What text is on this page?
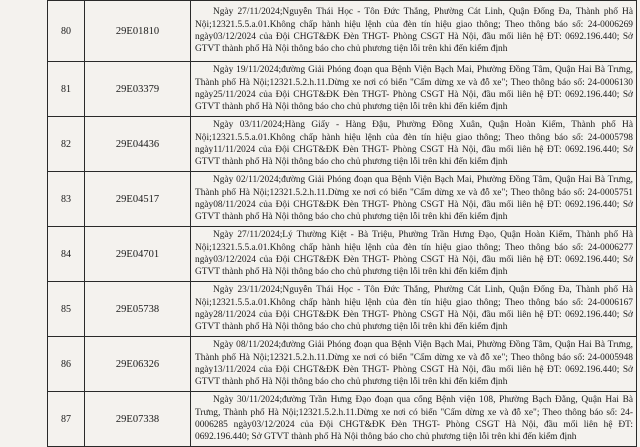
80	29E01810	Ngày 27/11/2024;Nguyễn Thái Học - Tôn Đức Thắng, Phường Cát Linh, Quận Đống Đa, Thành phố Hà Nội;12321.5.5.a.01.Không chấp hành hiệu lệnh của đèn tín hiệu giao thông; Theo thông báo số: 24-0006269 ngày03/12/2024 của Đội CHGT&ĐK Đèn THGT- Phòng CSGT Hà Nội, đầu mối liên hệ ĐT: 0692.196.440; Sở GTVT thành phố Hà Nội thông báo cho chủ phương tiện lỗi trên khi đến kiểm định

81	29E03379	Ngày 19/11/2024;đường Giải Phóng đoạn qua Bệnh Viện Bạch Mai, Phường Đồng Tâm, Quận Hai Bà Trưng, Thành phố Hà Nội;12321.5.2.h.11.Dừng xe nơi có biển "Cấm dừng xe và đỗ xe"; Theo thông báo số: 24-0006130 ngày25/11/2024 của Đội CHGT&ĐK Đèn THGT- Phòng CSGT Hà Nội, đầu mối liên hệ ĐT: 0692.196.440; Sở GTVT thành phố Hà Nội thông báo cho chủ phương tiện lỗi trên khi đến kiểm định

82	29E04436	Ngày 03/11/2024;Hàng Giấy - Hàng Đậu, Phường Đồng Xuân, Quận Hoàn Kiếm, Thành phố Hà Nội;12321.5.5.a.01.Không chấp hành hiệu lệnh của đèn tín hiệu giao thông; Theo thông báo số: 24-0005798 ngày11/11/2024 của Đội CHGT&ĐK Đèn THGT- Phòng CSGT Hà Nội, đầu mối liên hệ ĐT: 0692.196.440; Sở GTVT thành phố Hà Nội thông báo cho chủ phương tiện lỗi trên khi đến kiểm định

83	29E04517	Ngày 02/11/2024;đường Giải Phóng đoạn qua Bệnh Viện Bạch Mai, Phường Đồng Tâm, Quận Hai Bà Trưng, Thành phố Hà Nội;12321.5.2.h.11.Dừng xe nơi có biển "Cấm dừng xe và đỗ xe"; Theo thông báo số: 24-0005751 ngày08/11/2024 của Đội CHGT&ĐK Đèn THGT- Phòng CSGT Hà Nội, đầu mối liên hệ ĐT: 0692.196.440; Sở GTVT thành phố Hà Nội thông báo cho chủ phương tiện lỗi trên khi đến kiểm định

84	29E04701	Ngày 27/11/2024;Lý Thường Kiệt - Bà Triệu, Phường Trần Hưng Đạo, Quận Hoàn Kiếm, Thành phố Hà Nội;12321.5.5.a.01.Không chấp hành hiệu lệnh của đèn tín hiệu giao thông; Theo thông báo số: 24-0006277 ngày03/12/2024 của Đội CHGT&ĐK Đèn THGT- Phòng CSGT Hà Nội, đầu mối liên hệ ĐT: 0692.196.440; Sở GTVT thành phố Hà Nội thông báo cho chủ phương tiện lỗi trên khi đến kiểm định

85	29E05738	Ngày 23/11/2024;Nguyễn Thái Học - Tôn Đức Thắng, Phường Cát Linh, Quận Đống Đa, Thành phố Hà Nội;12321.5.5.a.01.Không chấp hành hiệu lệnh của đèn tín hiệu giao thông; Theo thông báo số: 24-0006167 ngày28/11/2024 của Đội CHGT&ĐK Đèn THGT- Phòng CSGT Hà Nội, đầu mối liên hệ ĐT: 0692.196.440; Sở GTVT thành phố Hà Nội thông báo cho chủ phương tiện lỗi trên khi đến kiểm định

86	29E06326	Ngày 08/11/2024;đường Giải Phóng đoạn qua Bệnh Viện Bạch Mai, Phường Đồng Tâm, Quận Hai Bà Trưng, Thành phố Hà Nội;12321.5.2.h.11.Dừng xe nơi có biển "Cấm dừng xe và đỗ xe"; Theo thông báo số: 24-0005948 ngày13/11/2024 của Đội CHGT&ĐK Đèn THGT- Phòng CSGT Hà Nội, đầu mối liên hệ ĐT: 0692.196.440; Sở GTVT thành phố Hà Nội thông báo cho chủ phương tiện lỗi trên khi đến kiểm định

87	29E07338	Ngày 30/11/2024;đường Trần Hưng Đạo đoạn qua cổng Bệnh viện 108, Phường Bạch Đằng, Quận Hai Bà Trưng, Thành phố Hà Nội;12321.5.2.h.11.Dừng xe nơi có biển "Cấm dừng xe và đỗ xe"; Theo thông báo số: 24-0006285 ngày03/12/2024 của Đội CHGT&ĐK Đèn THGT- Phòng CSGT Hà Nội, đầu mối liên hệ ĐT: 0692.196.440; Sở GTVT thành phố Hà Nội thông báo cho chủ phương tiện lỗi trên khi đến kiểm định
